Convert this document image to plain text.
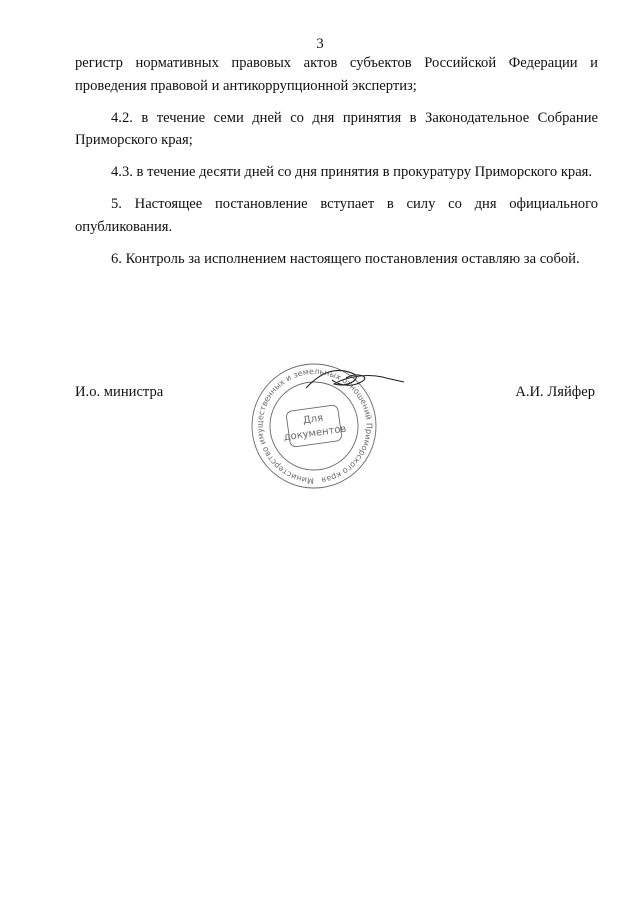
3

регистр нормативных правовых актов субъектов Российской Федерации и проведения правовой и антикоррупционной экспертиз;

4.2. в течение семи дней со дня принятия в Законодательное Собрание Приморского края;

4.3. в течение десяти дней со дня принятия в прокуратуру Приморского края.

5. Настоящее постановление вступает в силу со дня официального опубликования.

6. Контроль за исполнением настоящего постановления оставляю за собой.

И.о. министра
Министерство имущественных и земельных отношений Приморского края
Для
документов
А.И. Ляйфер
